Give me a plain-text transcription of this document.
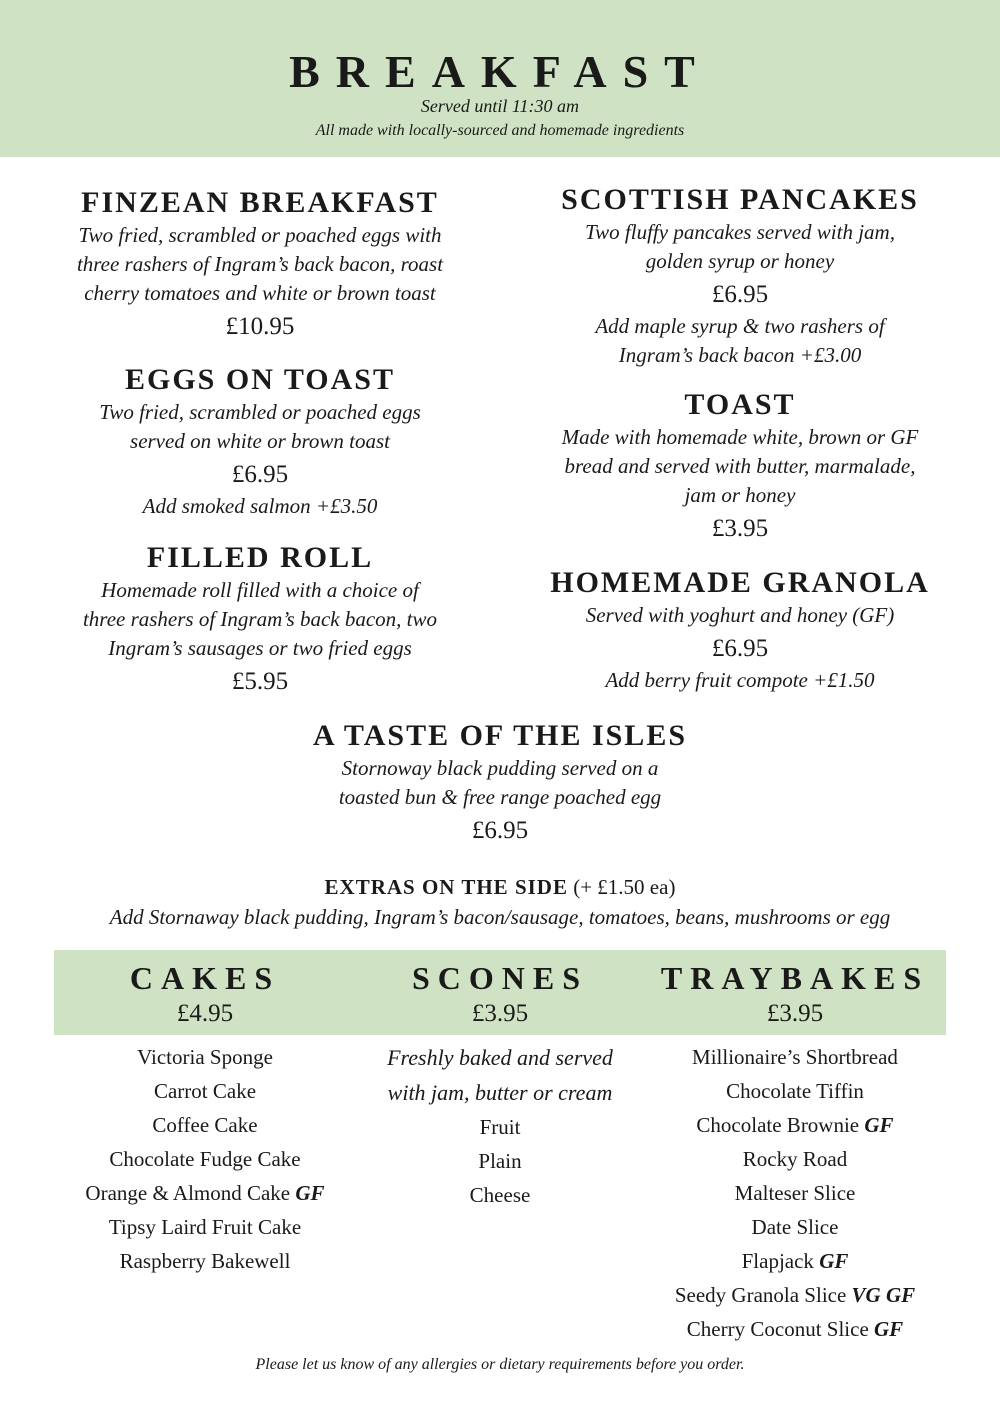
BREAKFAST
Served until 11:30 am
All made with locally-sourced and homemade ingredients
FINZEAN BREAKFAST
Two fried, scrambled or poached eggs with
three rashers of Ingram’s back bacon, roast
cherry tomatoes and white or brown toast
£10.95
EGGS ON TOAST
Two fried, scrambled or poached eggs
served on white or brown toast
£6.95
Add smoked salmon +£3.50
FILLED ROLL
Homemade roll filled with a choice of
three rashers of Ingram’s back bacon, two
Ingram’s sausages or two fried eggs
£5.95
SCOTTISH PANCAKES
Two fluffy pancakes served with jam,
golden syrup or honey
£6.95
Add maple syrup & two rashers of
Ingram’s back bacon +£3.00
TOAST
Made with homemade white, brown or GF
bread and served with butter, marmalade,
jam or honey
£3.95
HOMEMADE GRANOLA
Served with yoghurt and honey (GF)
£6.95
Add berry fruit compote +£1.50
A TASTE OF THE ISLES
Stornoway black pudding served on a
toasted bun & free range poached egg
£6.95
EXTRAS ON THE SIDE (+ £1.50 ea)
Add Stornaway black pudding, Ingram’s bacon/sausage, tomatoes, beans, mushrooms or egg
CAKES
£4.95
SCONES
£3.95
TRAYBAKES
£3.95
Victoria Sponge
Carrot Cake
Coffee Cake
Chocolate Fudge Cake
Orange & Almond Cake GF
Tipsy Laird Fruit Cake
Raspberry Bakewell
Freshly baked and served
with jam, butter or cream
Fruit
Plain
Cheese
Millionaire’s Shortbread
Chocolate Tiffin
Chocolate Brownie GF
Rocky Road
Malteser Slice
Date Slice
Flapjack GF
Seedy Granola Slice VG GF
Cherry Coconut Slice GF
Please let us know of any allergies or dietary requirements before you order.
